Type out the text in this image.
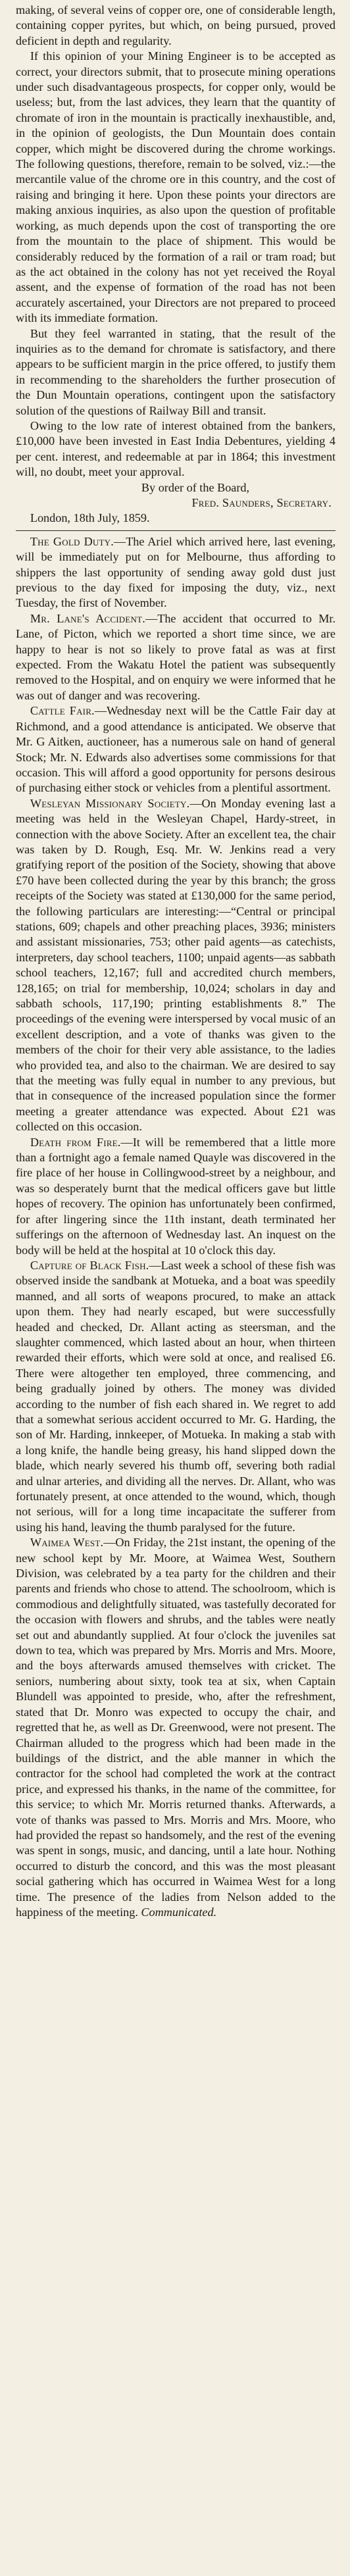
making, of several veins of copper ore, one of considerable length, containing copper pyrites, but which, on being pursued, proved deficient in depth and regularity.

If this opinion of your Mining Engineer is to be accepted as correct, your directors submit, that to prosecute mining operations under such disadvantageous prospects, for copper only, would be useless; but, from the last advices, they learn that the quantity of chromate of iron in the mountain is practically inexhaustible, and, in the opinion of geologists, the Dun Mountain does contain copper, which might be discovered during the chrome workings. The following questions, therefore, remain to be solved, viz.:—the mercantile value of the chrome ore in this country, and the cost of raising and bringing it here. Upon these points your directors are making anxious inquiries, as also upon the question of profitable working, as much depends upon the cost of transporting the ore from the mountain to the place of shipment. This would be considerably reduced by the formation of a rail or tram road; but as the act obtained in the colony has not yet received the Royal assent, and the expense of formation of the road has not been accurately ascertained, your Directors are not prepared to proceed with its immediate formation.

But they feel warranted in stating, that the result of the inquiries as to the demand for chromate is satisfactory, and there appears to be sufficient margin in the price offered, to justify them in recommending to the shareholders the further prosecution of the Dun Mountain operations, contingent upon the satisfactory solution of the questions of Railway Bill and transit.

Owing to the low rate of interest obtained from the bankers, £10,000 have been invested in East India Debentures, yielding 4 per cent. interest, and redeemable at par in 1864; this investment will, no doubt, meet your approval.

By order of the Board,

Fred. Saunders, Secretary.

London, 18th July, 1859.

The Gold Duty.—The Ariel which arrived here, last evening, will be immediately put on for Melbourne, thus affording to shippers the last opportunity of sending away gold dust just previous to the day fixed for imposing the duty, viz., next Tuesday, the first of November.

Mr. Lane's Accident.—The accident that occurred to Mr. Lane, of Picton, which we reported a short time since, we are happy to hear is not so likely to prove fatal as was at first expected. From the Wakatu Hotel the patient was subsequently removed to the Hospital, and on enquiry we were informed that he was out of danger and was recovering.

Cattle Fair.—Wednesday next will be the Cattle Fair day at Richmond, and a good attendance is anticipated. We observe that Mr. G Aitken, auctioneer, has a numerous sale on hand of general Stock; Mr. N. Edwards also advertises some commissions for that occasion. This will afford a good opportunity for persons desirous of purchasing either stock or vehicles from a plentiful assortment.

Wesleyan Missionary Society.—On Monday evening last a meeting was held in the Wesleyan Chapel, Hardy-street, in connection with the above Society. After an excellent tea, the chair was taken by D. Rough, Esq. Mr. W. Jenkins read a very gratifying report of the position of the Society, showing that above £70 have been collected during the year by this branch; the gross receipts of the Society was stated at £130,000 for the same period, the following particulars are interesting:—“Central or principal stations, 609; chapels and other preaching places, 3936; ministers and assistant missionaries, 753; other paid agents—as catechists, interpreters, day school teachers, 1100; unpaid agents—as sabbath school teachers, 12,167; full and accredited church members, 128,165; on trial for membership, 10,024; scholars in day and sabbath schools, 117,190; printing establishments 8.” The proceedings of the evening were interspersed by vocal music of an excellent description, and a vote of thanks was given to the members of the choir for their very able assistance, to the ladies who provided tea, and also to the chairman. We are desired to say that the meeting was fully equal in number to any previous, but that in consequence of the increased population since the former meeting a greater attendance was expected. About £21 was collected on this occasion.

Death from Fire.—It will be remembered that a little more than a fortnight ago a female named Quayle was discovered in the fire place of her house in Collingwood-street by a neighbour, and was so desperately burnt that the medical officers gave but little hopes of recovery. The opinion has unfortunately been confirmed, for after lingering since the 11th instant, death terminated her sufferings on the afternoon of Wednesday last. An inquest on the body will be held at the hospital at 10 o'clock this day.

Capture of Black Fish.—Last week a school of these fish was observed inside the sandbank at Motueka, and a boat was speedily manned, and all sorts of weapons procured, to make an attack upon them. They had nearly escaped, but were successfully headed and checked, Dr. Allant acting as steersman, and the slaughter commenced, which lasted about an hour, when thirteen rewarded their efforts, which were sold at once, and realised £6. There were altogether ten employed, three commencing, and being gradually joined by others. The money was divided according to the number of fish each shared in. We regret to add that a somewhat serious accident occurred to Mr. G. Harding, the son of Mr. Harding, innkeeper, of Motueka. In making a stab with a long knife, the handle being greasy, his hand slipped down the blade, which nearly severed his thumb off, severing both radial and ulnar arteries, and dividing all the nerves. Dr. Allant, who was fortunately present, at once attended to the wound, which, though not serious, will for a long time incapacitate the sufferer from using his hand, leaving the thumb paralysed for the future.

Waimea West.—On Friday, the 21st instant, the opening of the new school kept by Mr. Moore, at Waimea West, Southern Division, was celebrated by a tea party for the children and their parents and friends who chose to attend. The schoolroom, which is commodious and delightfully situated, was tastefully decorated for the occasion with flowers and shrubs, and the tables were neatly set out and abundantly supplied. At four o'clock the juveniles sat down to tea, which was prepared by Mrs. Morris and Mrs. Moore, and the boys afterwards amused themselves with cricket. The seniors, numbering about sixty, took tea at six, when Captain Blundell was appointed to preside, who, after the refreshment, stated that Dr. Monro was expected to occupy the chair, and regretted that he, as well as Dr. Greenwood, were not present. The Chairman alluded to the progress which had been made in the buildings of the district, and the able manner in which the contractor for the school had completed the work at the contract price, and expressed his thanks, in the name of the committee, for this service; to which Mr. Morris returned thanks. Afterwards, a vote of thanks was passed to Mrs. Morris and Mrs. Moore, who had provided the repast so handsomely, and the rest of the evening was spent in songs, music, and dancing, until a late hour. Nothing occurred to disturb the concord, and this was the most pleasant social gathering which has occurred in Waimea West for a long time. The presence of the ladies from Nelson added to the happiness of the meeting. Communicated.
